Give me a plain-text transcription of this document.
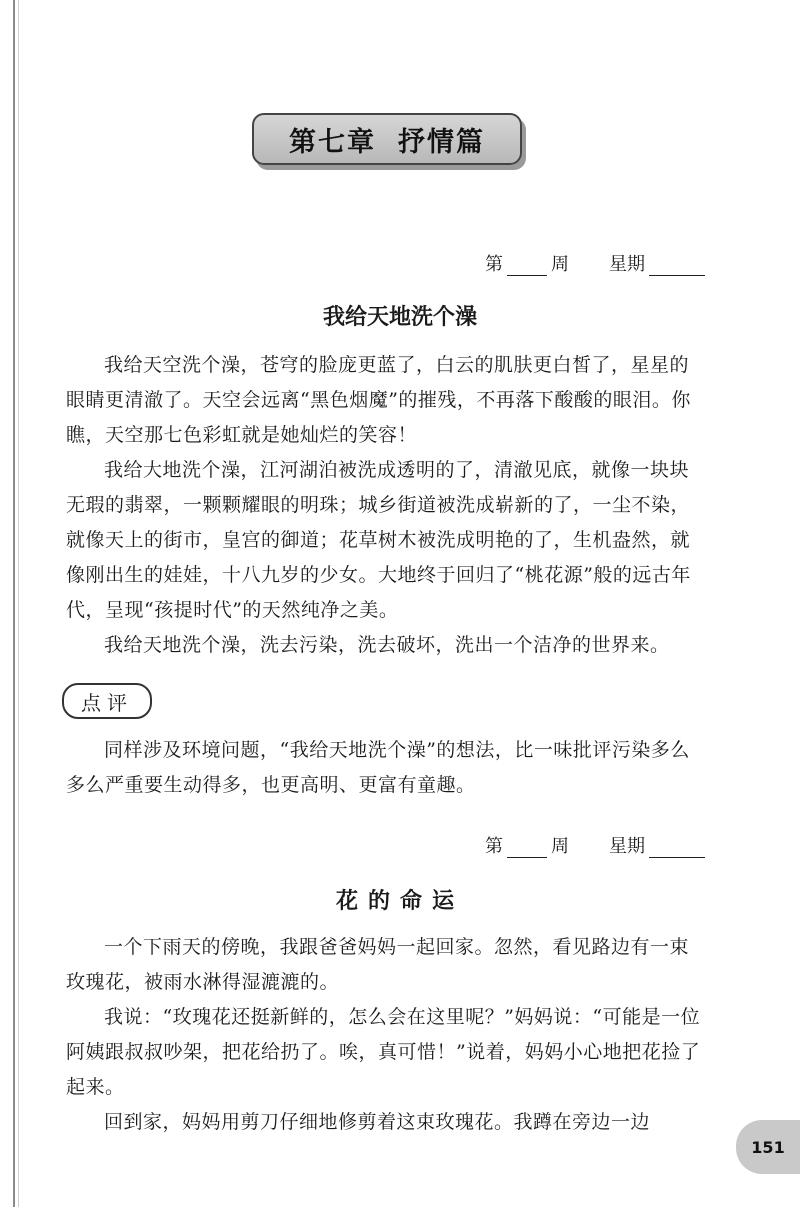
第七章 抒情篇
第	周 星期
我给天地洗个澡

我给天空洗个澡，苍穹的脸庞更蓝了，白云的肌肤更白皙了，星星的眼睛更清澈了。天空会远离“黑色烟魔”的摧残，不再落下酸酸的眼泪。你瞧，天空那七色彩虹就是她灿烂的笑容！

我给大地洗个澡，江河湖泊被洗成透明的了，清澈见底，就像一块块无瑕的翡翠，一颗颗耀眼的明珠；城乡街道被洗成崭新的了，一尘不染，就像天上的街市，皇宫的御道；花草树木被洗成明艳的了，生机盎然，就像刚出生的娃娃，十八九岁的少女。大地终于回归了“桃花源”般的远古年代，呈现“孩提时代”的天然纯净之美。

我给天地洗个澡，洗去污染，洗去破坏，洗出一个洁净的世界来。

点评

同样涉及环境问题，“我给天地洗个澡”的想法，比一味批评污染多么多么严重要生动得多，也更高明、更富有童趣。

第	周 星期
花的命运

一个下雨天的傍晚，我跟爸爸妈妈一起回家。忽然，看见路边有一束玫瑰花，被雨水淋得湿漉漉的。

我说：“玫瑰花还挺新鲜的，怎么会在这里呢？”妈妈说：“可能是一位阿姨跟叔叔吵架，把花给扔了。唉，真可惜！”说着，妈妈小心地把花捡了起来。

回到家，妈妈用剪刀仔细地修剪着这束玫瑰花。我蹲在旁边一边

151
